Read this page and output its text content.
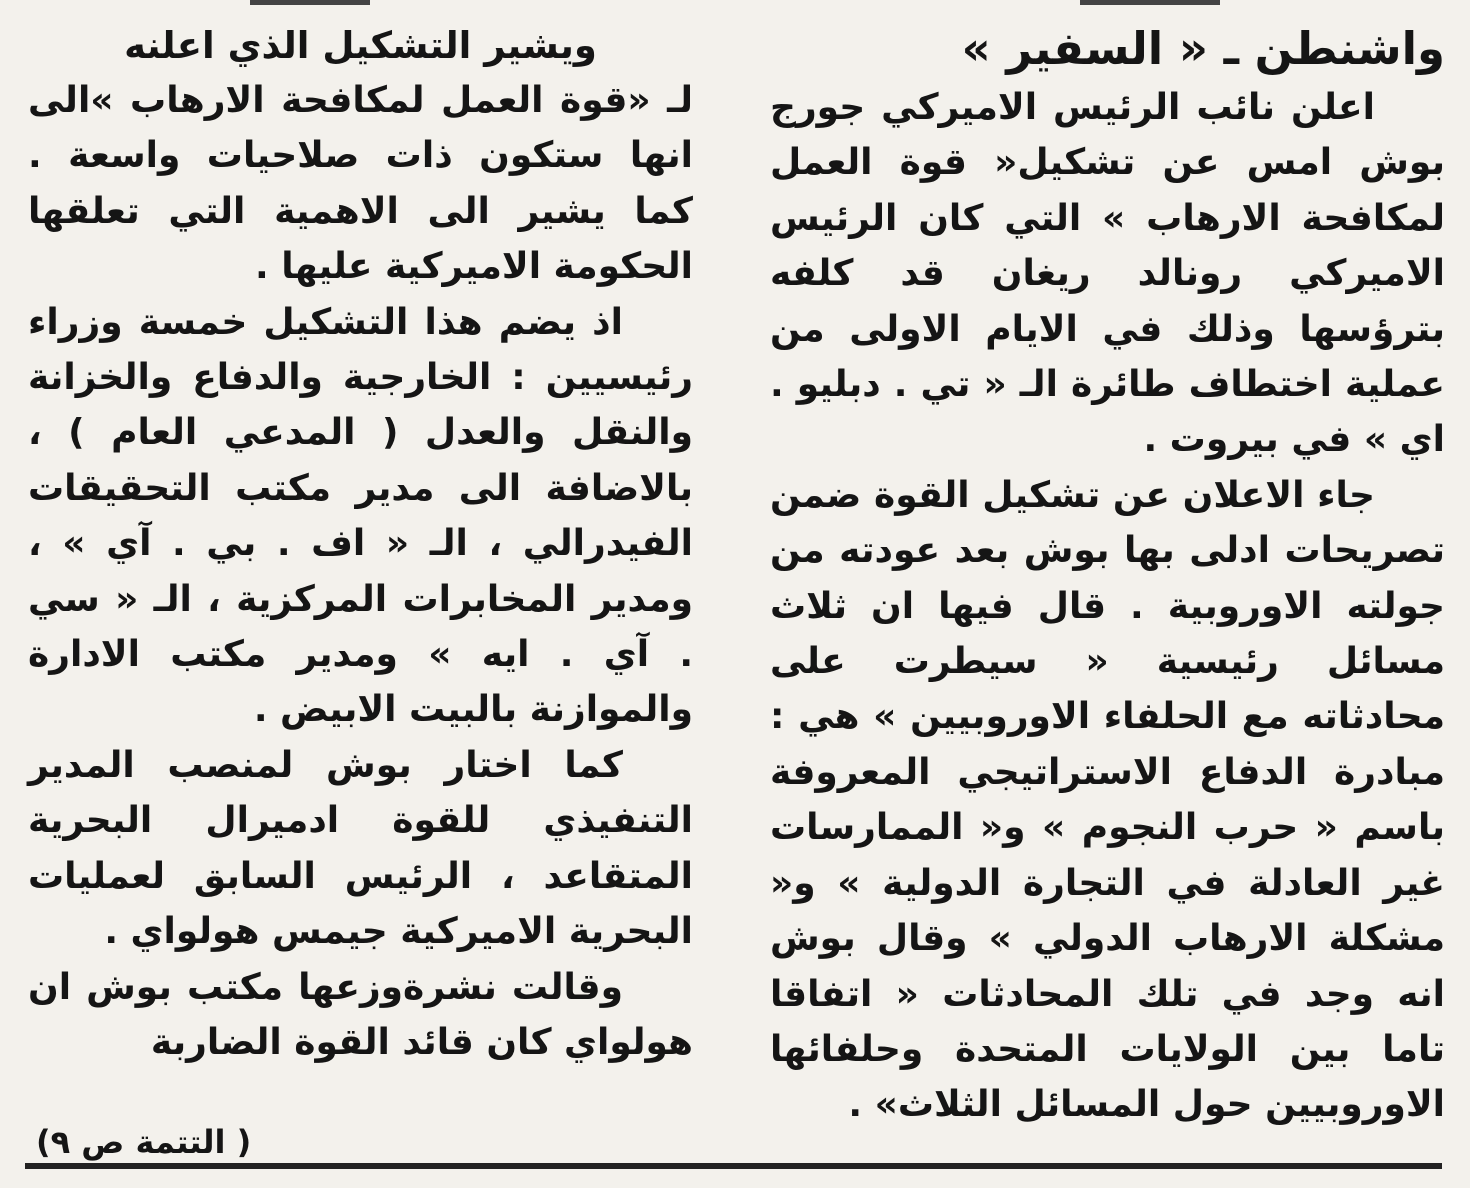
واشنطن ـ « السفير »

اعلن نائب الرئيس الاميركي جورج بوش امس عن تشكيل« قوة العمل لمكافحة الارهاب » التي كان الرئيس الاميركي رونالد ريغان قد كلفه بترؤسها وذلك في الايام الاولى من عملية اختطاف طائرة الـ « تي . دبليو . اي » في بيروت .

جاء الاعلان عن تشكيل القوة ضمن تصريحات ادلى بها بوش بعد عودته من جولته الاوروبية . قال فيها ان ثلاث مسائل رئيسية « سيطرت على محادثاته مع الحلفاء الاوروبيين » هي : مبادرة الدفاع الاستراتيجي المعروفة باسم « حرب النجوم » و« الممارسات غير العادلة في التجارة الدولية » و« مشكلة الارهاب الدولي » وقال بوش انه وجد في تلك المحادثات « اتفاقا تاما بين الولايات المتحدة وحلفائها الاوروبيين حول المسائل الثلاث» .

ويشير التشكيل الذي اعلنه

لـ «قوة العمل لمكافحة الارهاب »الى انها ستكون ذات صلاحيات واسعة . كما يشير الى الاهمية التي تعلقها الحكومة الاميركية عليها .

اذ يضم هذا التشكيل خمسة وزراء رئيسيين : الخارجية والدفاع والخزانة والنقل والعدل ( المدعي العام ) ، بالاضافة الى مدير مكتب التحقيقات الفيدرالي ، الـ « اف . بي . آي » ، ومدير المخابرات المركزية ، الـ « سي . آي . ايه » ومدير مكتب الادارة والموازنة بالبيت الابيض .

كما اختار بوش لمنصب المدير التنفيذي للقوة ادميرال البحرية المتقاعد ، الرئيس السابق لعمليات البحرية الاميركية جيمس هولواي .

وقالت نشرةوزعها مكتب بوش ان هولواي كان قائد القوة الضاربة

( التتمة ص ٩)
